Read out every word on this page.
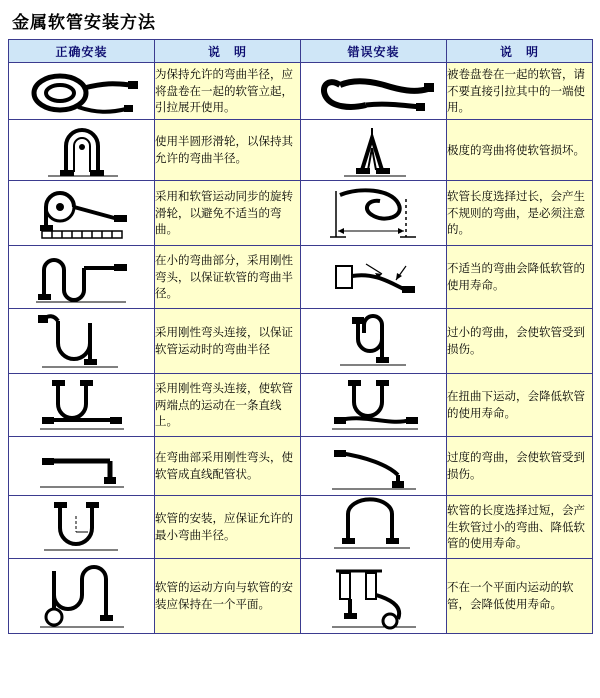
金属软管安装方法
正确安装	说　明	错误安装	说　明

	为保持允许的弯曲半径，应将盘卷在一起的软管立起，引拉展开使用。		被卷盘卷在一起的软管，请不要直接引拉其中的一端使用。

	使用半圆形滑轮，以保持其允许的弯曲半径。		极度的弯曲将使软管损坏。

	采用和软管运动同步的旋转滑轮，以避免不适当的弯曲。		软管长度选择过长，会产生不规则的弯曲，是必须注意的。

	在小的弯曲部分，采用刚性弯头，以保证软管的弯曲半径。		不适当的弯曲会降低软管的使用寿命。

	采用刚性弯头连接，以保证软管运动时的弯曲半径		过小的弯曲，会使软管受到损伤。

	采用刚性弯头连接，使软管两端点的运动在一条直线上。		在扭曲下运动，会降低软管的使用寿命。

	在弯曲部采用刚性弯头，使软管成直线配管状。		过度的弯曲，会使软管受到损伤。

	软管的安装，应保证允许的最小弯曲半径。		软管的长度选择过短，会产生软管过小的弯曲、降低软管的使用寿命。

	软管的运动方向与软管的安装应保持在一个平面。		不在一个平面内运动的软管，会降低使用寿命。
